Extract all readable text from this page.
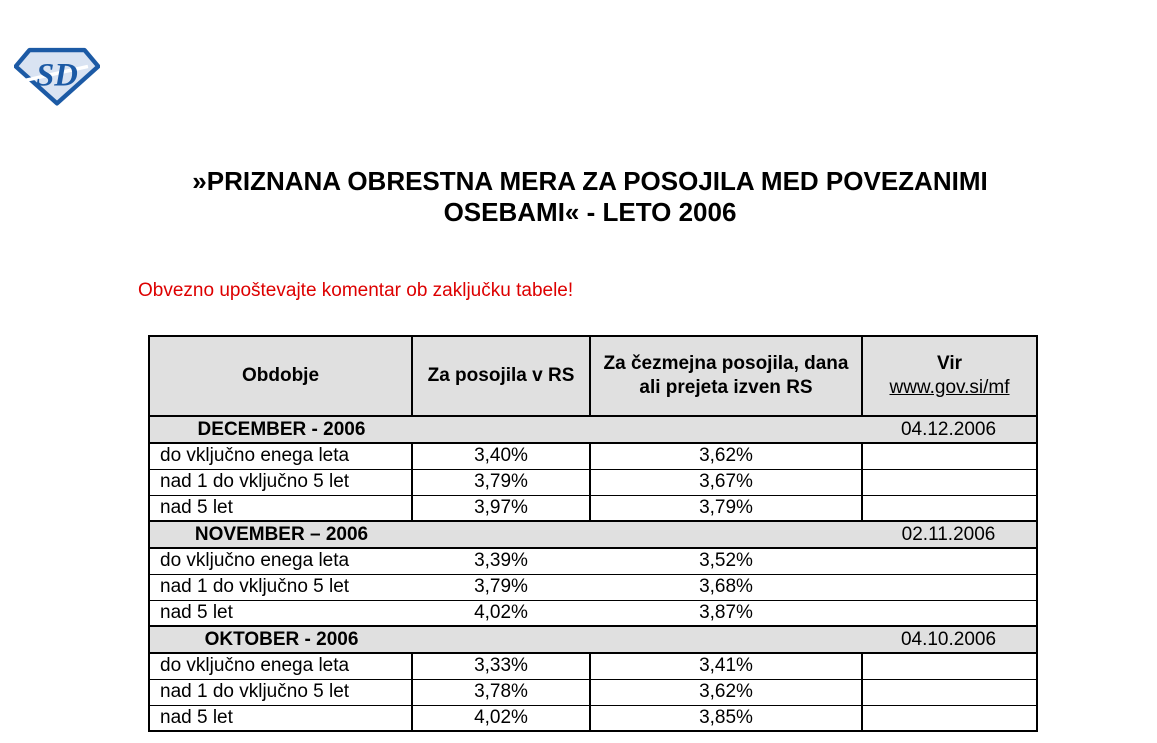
SD
»PRIZNANA OBRESTNA MERA ZA POSOJILA MED POVEZANIMI
OSEBAMI« - LETO 2006
Obvezno upoštevajte komentar ob zaključku tabele!
Obdobje	Za posojila v RS	Za čezmejna posojila, dana ali prejeta izven RS	Vir
www.gov.si/mf

DECEMBER - 2006 04.12.2006			

do vključno enega leta	3,40%	3,62%	
nad 1 do vključno 5 let	3,79%	3,67%	
nad 5 let	3,97%	3,79%	

NOVEMBER – 2006 02.11.2006			

do vključno enega leta	3,39%	3,52%	
nad 1 do vključno 5 let	3,79%	3,68%	
nad 5 let	4,02%	3,87%	

OKTOBER - 2006 04.10.2006			

do vključno enega leta	3,33%	3,41%	
nad 1 do vključno 5 let	3,78%	3,62%	
nad 5 let	4,02%	3,85%	
